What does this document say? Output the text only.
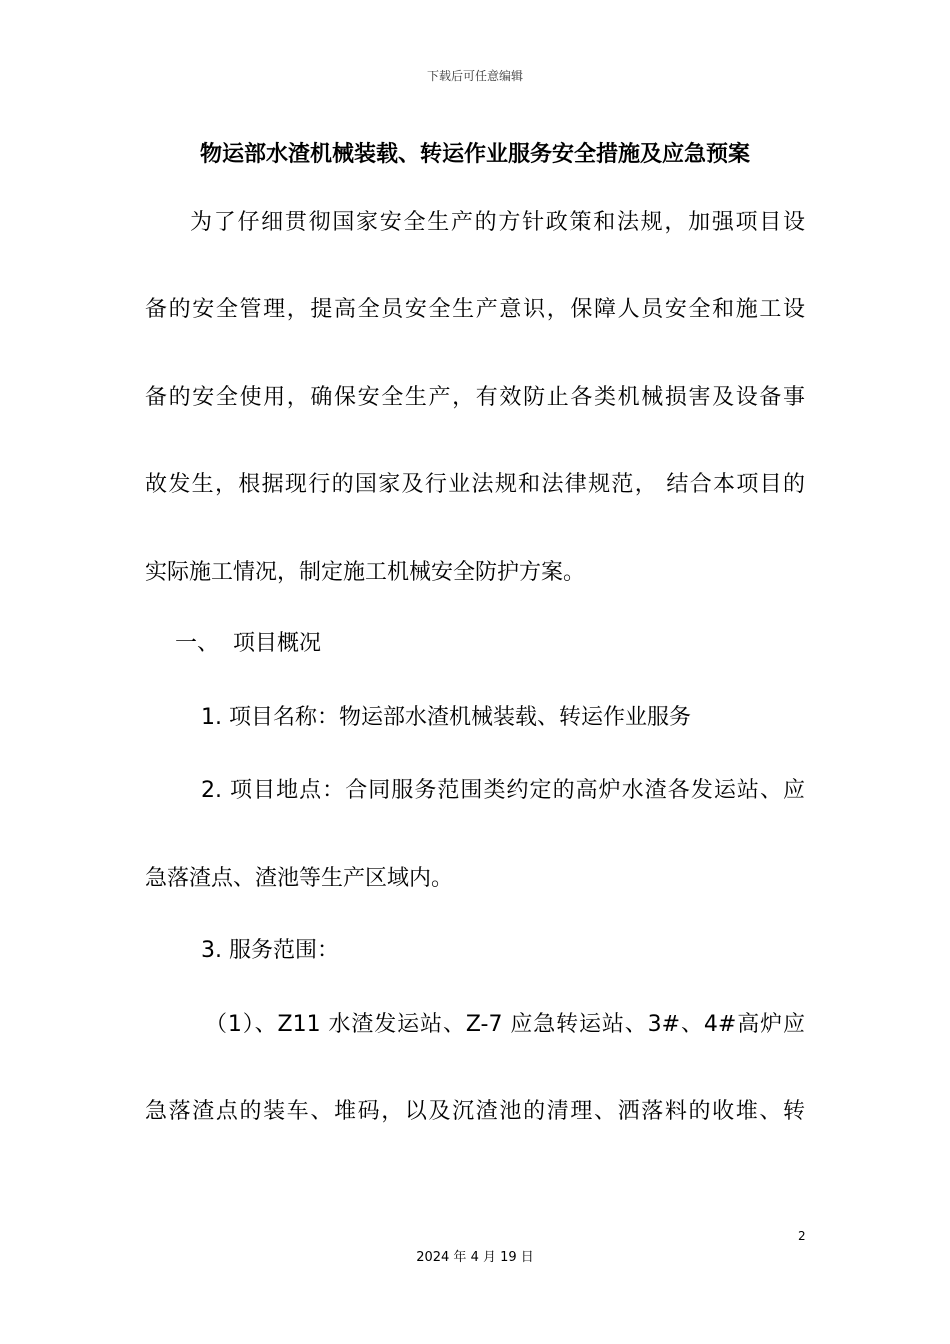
下载后可任意编辑
物运部水渣机械装载、转运作业服务安全措施及应急预案
为了仔细贯彻国家安全生产的方针政策和法规，加强项目设
备的安全管理，提高全员安全生产意识，保障人员安全和施工设
备的安全使用，确保安全生产，有效防止各类机械损害及设备事
故发生，根据现行的国家及行业法规和法律规范， 结合本项目的
实际施工情况，制定施工机械安全防护方案。
一、 项目概况
1. 项目名称：物运部水渣机械装载、转运作业服务
2. 项目地点：合同服务范围类约定的高炉水渣各发运站、应
急落渣点、渣池等生产区域内。
3. 服务范围：
（1）、Z11 水渣发运站、Z-7 应急转运站、3#、4#高炉应
急落渣点的装车、堆码，以及沉渣池的清理、洒落料的收堆、转
2
2024 年 4 月 19 日
